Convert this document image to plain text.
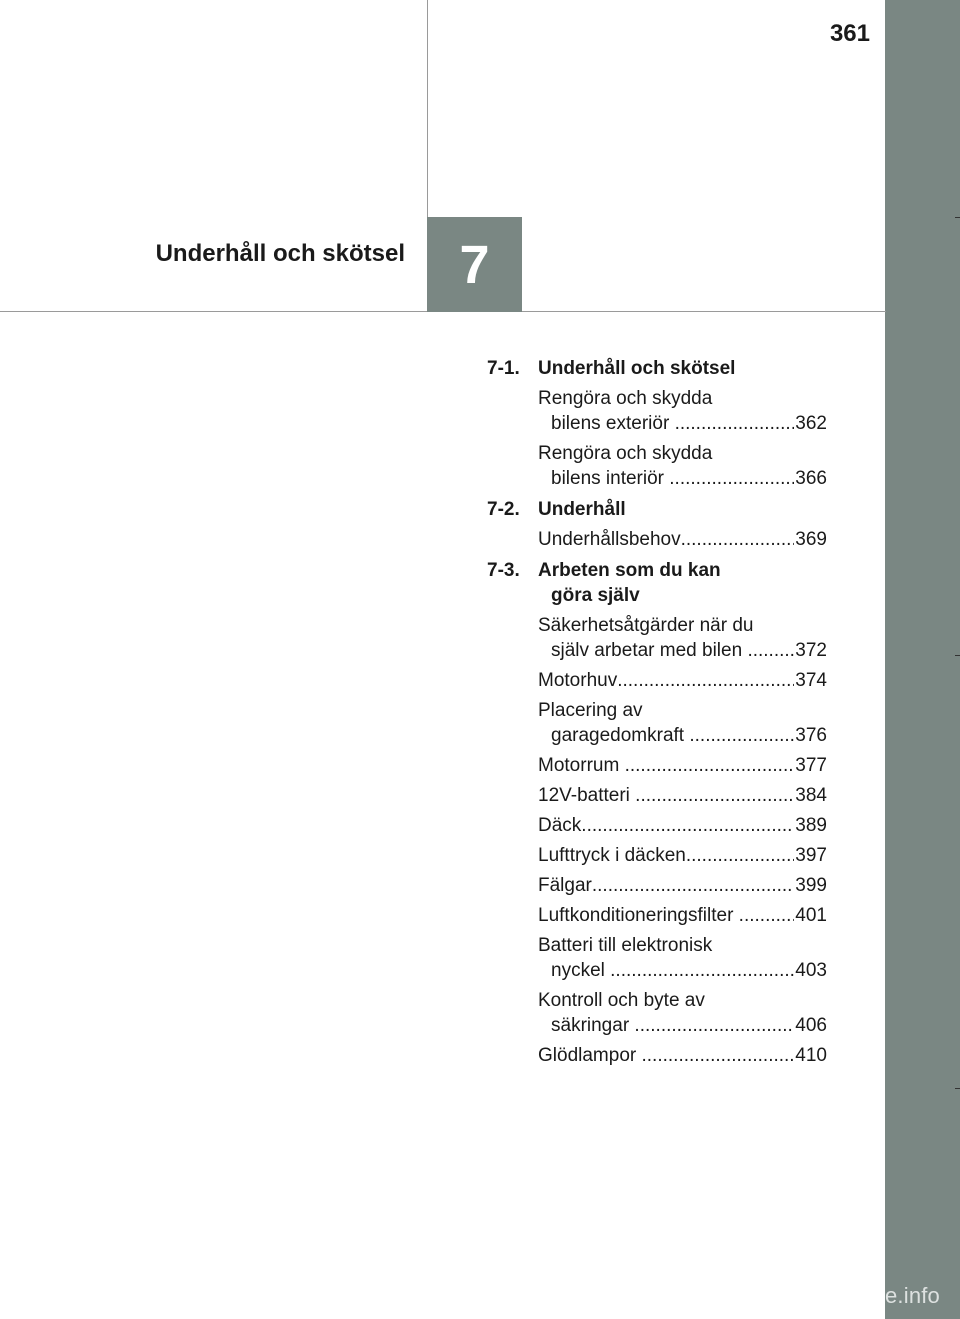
361
Underhåll och skötsel 7
7-1. Underhåll och skötsel
Rengöra och skydda
bilens exteriör .....	362
Rengöra och skydda
bilens interiör .....	366
7-2. Underhåll
Underhållsbehov .....	369
7-3. Arbeten som du kan
göra själv
Säkerhetsåtgärder när du
själv arbetar med bilen .....	372
Motorhuv .....	374
Placering av
garagedomkraft .....	376
Motorrum .....	377
12V-batteri .....	384
Däck .....	389
Lufttryck i däcken .....	397
Fälgar .....	399
Luftkonditioneringsfilter .....	401
Batteri till elektronisk
nyckel .....	403
Kontroll och byte av
säkringar .....	406
Glödlampor .....	410
carmanualsonline.info
